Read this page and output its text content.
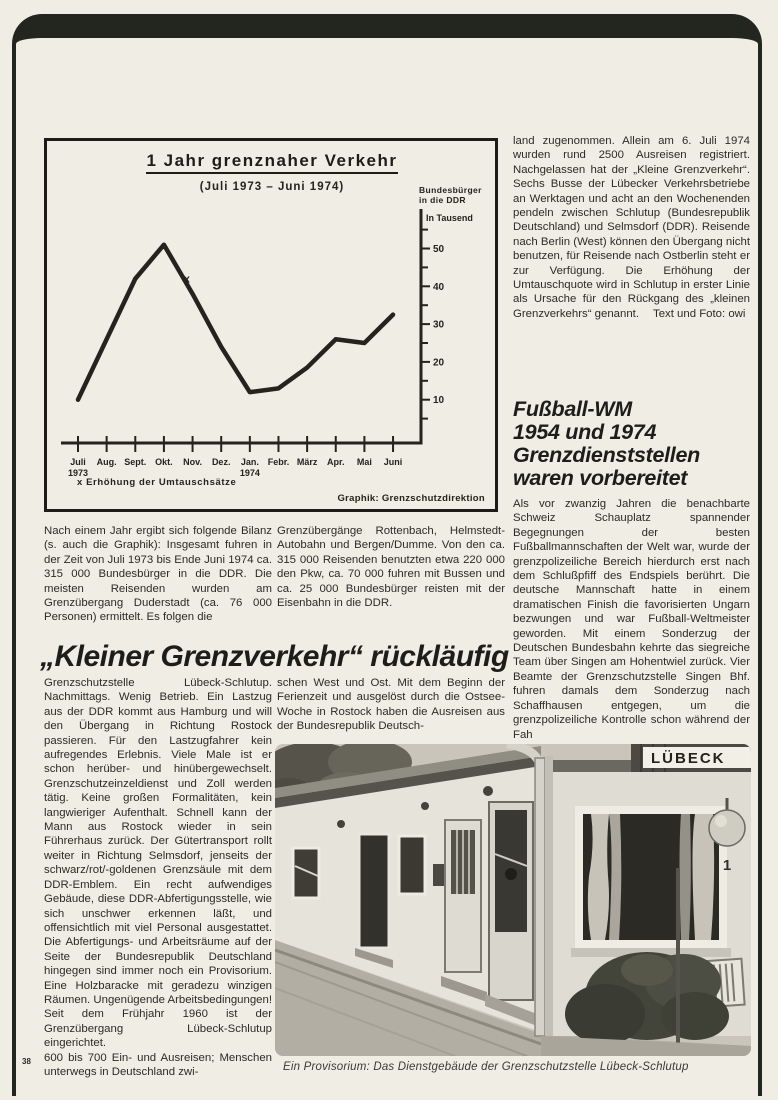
1 Jahr grenznaher Verkehr
(Juli 1973 – Juni 1974)	Bundesbürger
in die DDR
In Tausend
Juli
1973
Aug. Sept. Okt. Nov. Dez. Jan.
1974
Febr. März Apr. Mai Juni
10
20
30
40
50
x
x Erhöhung der Umtauschsätze
Graphik: Grenzschutzdirektion

land zugenommen. Allein am 6. Juli 1974 wurden rund 2500 Ausreisen registriert. Nachgelassen hat der „Kleine Grenzverkehr“. Sechs Busse der Lübecker Verkehrsbetriebe an Werktagen und acht an den Wochenenden pendeln zwischen Schlutup (Bundesrepublik Deutschland) und Selmsdorf (DDR). Reisende nach Berlin (West) können den Übergang nicht benutzen, für Reisende nach Ostberlin steht er zur Verfügung. Die Erhöhung der Umtauschquote wird in Schlutup in erster Linie als Ursache für den Rückgang des „kleinen Grenzverkehrs“ genannt. Text und Foto: owi

Fußball-WM
1954 und 1974
Grenzdienststellen
waren vorbereitet

Als vor zwanzig Jahren die benachbarte Schweiz Schauplatz spannender Begegnungen der besten Fußballmannschaften der Welt war, wurde der grenzpolizeiliche Bereich hierdurch erst nach dem Schlußpfiff des Endspiels berührt. Die deutsche Mannschaft hatte in einem dramatischen Finish die favorisierten Ungarn bezwungen und war Fußball-Weltmeister geworden. Mit einem Sonderzug der Deutschen Bundesbahn kehrte das siegreiche Team über Singen am Hohentwiel zurück. Vier Beamte der Grenzschutzstelle Singen Bhf. fuhren damals dem Sonderzug nach Schaffhausen entgegen, um die grenzpolizeiliche Kontrolle schon während der Fah

Nach einem Jahr ergibt sich folgende Bilanz (s. auch die Graphik): Insgesamt fuhren in der Zeit von Juli 1973 bis Ende Juni 1974 ca. 315 000 Bundesbürger in die DDR. Die meisten Reisenden wurden am Grenzübergang Duderstadt (ca. 76 000 Personen) ermittelt. Es folgen die

Grenzübergänge Rottenbach, Helmstedt-Autobahn und Bergen/Dumme. Von den ca. 315 000 Reisenden benutzten etwa 220 000 den Pkw, ca. 70 000 fuhren mit Bussen und ca. 25 000 Bundesbürger reisten mit der Eisenbahn in die DDR.

„Kleiner Grenzverkehr“ rückläufig

Grenzschutzstelle Lübeck-Schlutup. Nachmittags. Wenig Betrieb. Ein Lastzug aus der DDR kommt aus Hamburg und will den Übergang in Richtung Rostock passieren. Für den Lastzugfahrer kein aufregendes Erlebnis. Viele Male ist er schon herüber- und hinübergewechselt. Grenzschutzeinzeldienst und Zoll werden tätig. Keine großen Formalitäten, kein langwieriger Aufenthalt. Schnell kann der Mann aus Rostock wieder in sein Führerhaus zurück. Der Gütertransport rollt weiter in Richtung Selmsdorf, jenseits der schwarz/rot/-goldenen Grenzsäule mit dem DDR-Emblem. Ein recht aufwendiges Gebäude, diese DDR-Abfertigungsstelle, wie sich unschwer erkennen läßt, und offensichtlich mit viel Personal ausgestattet. Die Abfertigungs- und Arbeitsräume auf der Seite der Bundesrepublik Deutschland hingegen sind immer noch ein Provisorium. Eine Holzbaracke mit geradezu winzigen Räumen. Ungenügende Arbeitsbedingungen! Seit dem Frühjahr 1960 ist der Grenzübergang Lübeck-Schlutup eingerichtet.

600 bis 700 Ein- und Ausreisen; Menschen unterwegs in Deutschland zwi-

schen West und Ost. Mit dem Beginn der Ferienzeit und ausgelöst durch die Ostsee-Woche in Rostock haben die Ausreisen aus der Bundesrepublik Deutsch-

LÜBECK
1
Ein Provisorium: Das Dienstgebäude der Grenzschutzstelle Lübeck-Schlutup
38
